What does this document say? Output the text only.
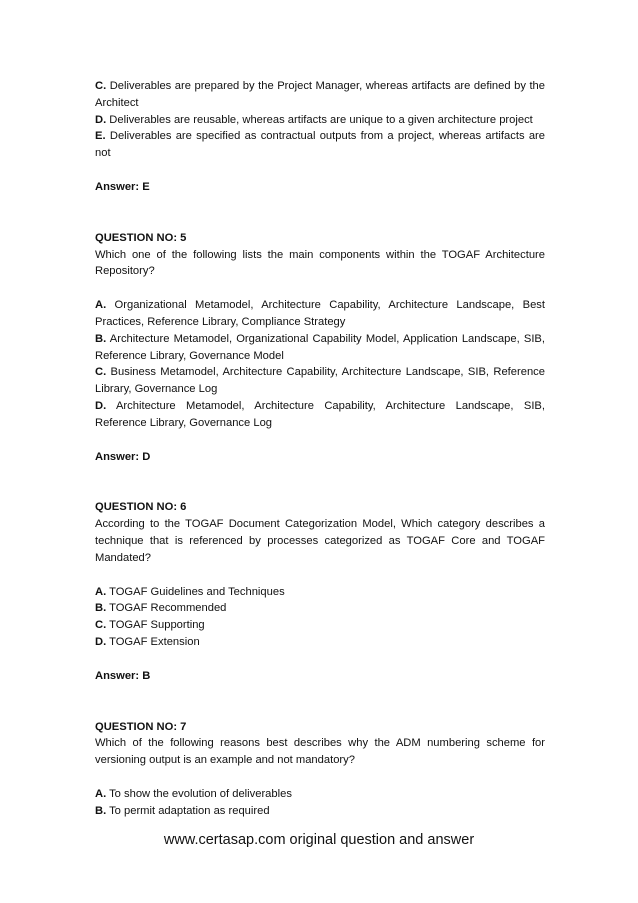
C. Deliverables are prepared by the Project Manager, whereas artifacts are defined by the

Architect

D. Deliverables are reusable, whereas artifacts are unique to a given architecture project

E. Deliverables are specified as contractual outputs from a project, whereas artifacts are

not

Answer: E

QUESTION NO: 5

Which one of the following lists the main components within the TOGAF Architecture

Repository?

A. Organizational Metamodel, Architecture Capability, Architecture Landscape, Best

Practices, Reference Library, Compliance Strategy

B. Architecture Metamodel, Organizational Capability Model, Application Landscape, SIB,

Reference Library, Governance Model

C. Business Metamodel, Architecture Capability, Architecture Landscape, SIB, Reference

Library, Governance Log

D. Architecture Metamodel, Architecture Capability, Architecture Landscape, SIB,

Reference Library, Governance Log

Answer: D

QUESTION NO: 6

According to the TOGAF Document Categorization Model, Which category describes a

technique that is referenced by processes categorized as TOGAF Core and TOGAF

Mandated?

A. TOGAF Guidelines and Techniques

B. TOGAF Recommended

C. TOGAF Supporting

D. TOGAF Extension

Answer: B

QUESTION NO: 7

Which of the following reasons best describes why the ADM numbering scheme for

versioning output is an example and not mandatory?

A. To show the evolution of deliverables

B. To permit adaptation as required

www.certasap.com original question and answer
